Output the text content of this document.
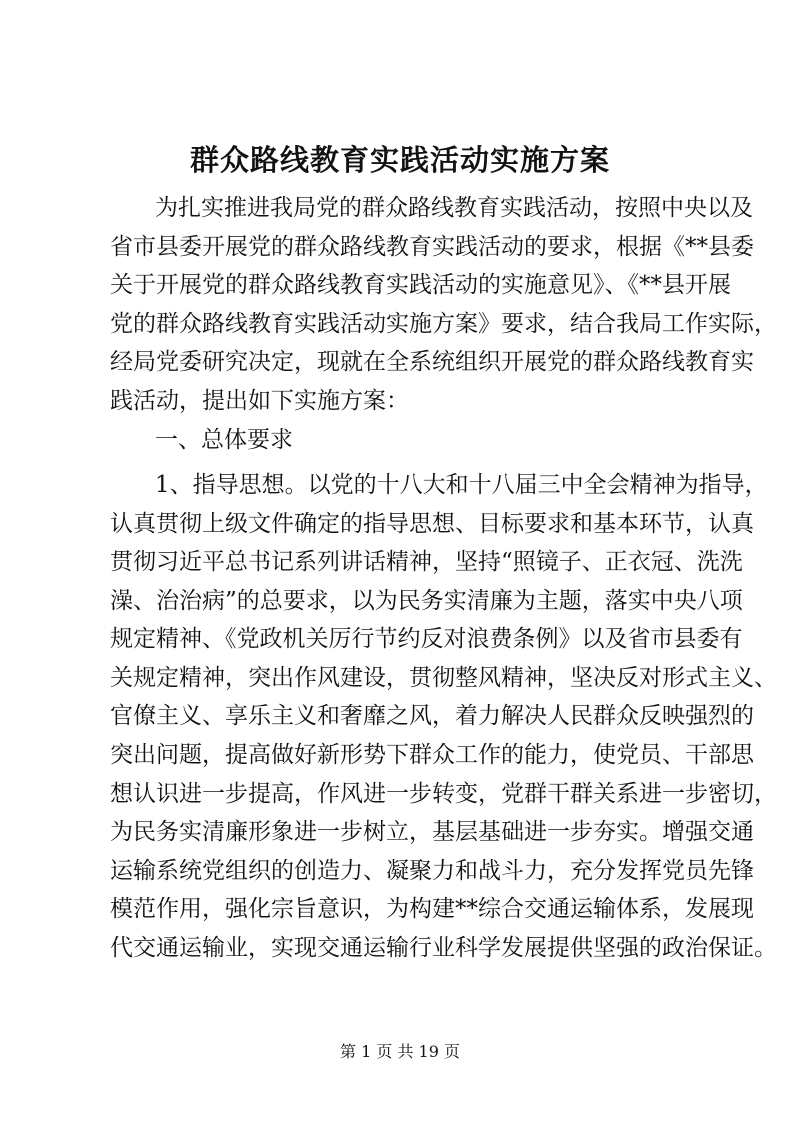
群众路线教育实践活动实施方案
为扎实推进我局党的群众路线教育实践活动，按照中央以及
省市县委开展党的群众路线教育实践活动的要求，根据《**县委
关于开展党的群众路线教育实践活动的实施意见》、《**县开展
党的群众路线教育实践活动实施方案》要求，结合我局工作实际，
经局党委研究决定，现就在全系统组织开展党的群众路线教育实
践活动，提出如下实施方案：
一、总体要求
1、指导思想。以党的十八大和十八届三中全会精神为指导，
认真贯彻上级文件确定的指导思想、目标要求和基本环节，认真
贯彻习近平总书记系列讲话精神，坚持“照镜子、正衣冠、洗洗
澡、治治病”的总要求，以为民务实清廉为主题，落实中央八项
规定精神、《党政机关厉行节约反对浪费条例》以及省市县委有
关规定精神，突出作风建设，贯彻整风精神，坚决反对形式主义、
官僚主义、享乐主义和奢靡之风，着力解决人民群众反映强烈的
突出问题，提高做好新形势下群众工作的能力，使党员、干部思
想认识进一步提高，作风进一步转变，党群干群关系进一步密切，
为民务实清廉形象进一步树立，基层基础进一步夯实。增强交通
运输系统党组织的创造力、凝聚力和战斗力，充分发挥党员先锋
模范作用，强化宗旨意识，为构建**综合交通运输体系，发展现
代交通运输业，实现交通运输行业科学发展提供坚强的政治保证。
第 1 页 共 19 页
